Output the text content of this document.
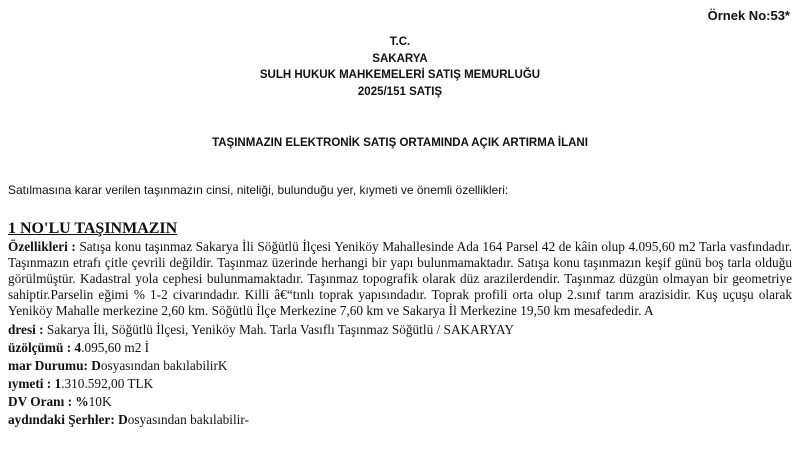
Örnek No:53*
T.C.
SAKARYA
SULH HUKUK MAHKEMELERİ SATIŞ MEMURLUĞU
2025/151 SATIŞ
TAŞINMAZIN ELEKTRONİK SATIŞ ORTAMINDA AÇIK ARTIRMA İLANI
Satılmasına karar verilen taşınmazın cinsi, niteliği, bulunduğu yer, kıymeti ve önemli özellikleri:
1 NO'LU TAŞINMAZIN

Özellikleri : Satışa konu taşınmaz Sakarya İli Söğütlü İlçesi Yeniköy Mahallesinde Ada 164 Parsel 42 de kâin olup 4.095,60 m2 Tarla vasfındadır. Taşınmazın etrafı çitle çevrili değildir. Taşınmaz üzerinde herhangi bir yapı bulunmamaktadır. Satışa konu taşınmazın keşif günü boş tarla olduğu görülmüştür. Kadastral yola cephesi bulunmamaktadır. Taşınmaz topografik olarak düz arazilerdendir. Taşınmaz düzgün olmayan bir geometriye sahiptir.Parselin eğimi % 1-2 civarındadır. Killi â€“tınlı toprak yapısındadır. Toprak profili orta olup 2.sınıf tarım arazisidir. Kuş uçuşu olarak Yeniköy Mahalle merkezine 2,60 km. Söğütlü İlçe Merkezine 7,60 km ve Sakarya İl Merkezine 19,50 km mesafededir. A

dresi : Sakarya İli, Söğütlü İlçesi, Yeniköy Mah. Tarla Vasıflı Taşınmaz Söğütlü / SAKARYAY

üzölçümü : 4.095,60 m2 İ

mar Durumu: Dosyasından bakılabilirK

ıymeti : 1.310.592,00 TLK

DV Oranı : %10K

aydındaki Şerhler: Dosyasından bakılabilir-
